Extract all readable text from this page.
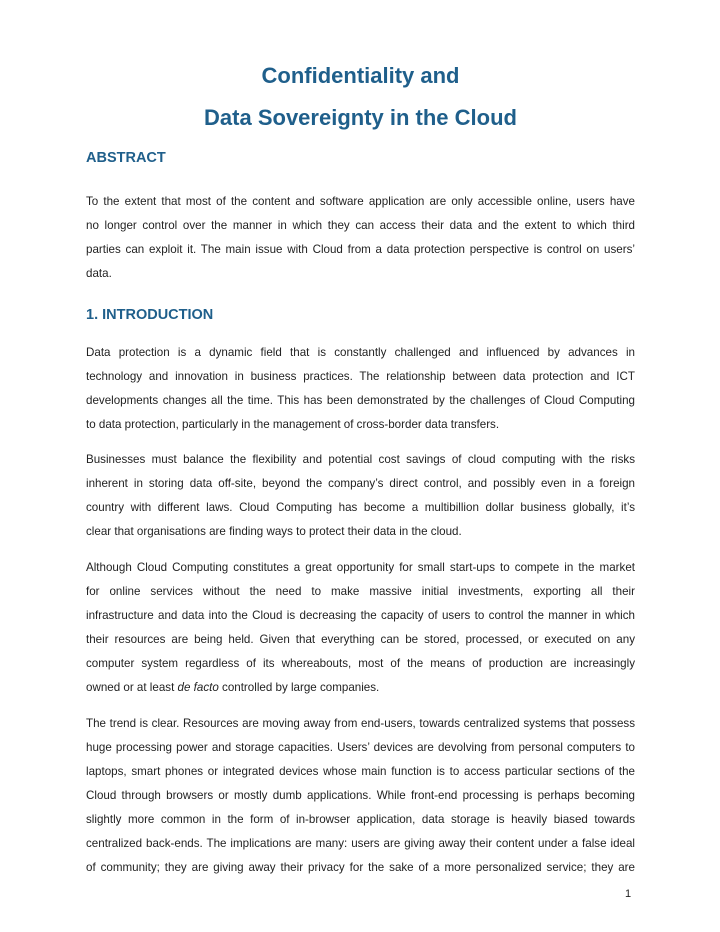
Confidentiality and
Data Sovereignty in the Cloud
ABSTRACT

To the extent that most of the content and software application are only accessible online, users have
no longer control over the manner in which they can access their data and the extent to which third
parties can exploit it. The main issue with Cloud from a data protection perspective is control on users’
data.

1. INTRODUCTION

Data protection is a dynamic field that is constantly challenged and influenced by advances in
technology and innovation in business practices. The relationship between data protection and ICT
developments changes all the time. This has been demonstrated by the challenges of Cloud Computing
to data protection, particularly in the management of cross-border data transfers.

Businesses must balance the flexibility and potential cost savings of cloud computing with the risks
inherent in storing data off-site, beyond the company’s direct control, and possibly even in a foreign
country with different laws. Cloud Computing has become a multibillion dollar business globally, it’s
clear that organisations are finding ways to protect their data in the cloud.

Although Cloud Computing constitutes a great opportunity for small start-ups to compete in the market
for online services without the need to make massive initial investments, exporting all their
infrastructure and data into the Cloud is decreasing the capacity of users to control the manner in which
their resources are being held. Given that everything can be stored, processed, or executed on any
computer system regardless of its whereabouts, most of the means of production are increasingly
owned or at least de facto controlled by large companies.

The trend is clear. Resources are moving away from end-users, towards centralized systems that possess
huge processing power and storage capacities. Users’ devices are devolving from personal computers to
laptops, smart phones or integrated devices whose main function is to access particular sections of the
Cloud through browsers or mostly dumb applications. While front-end processing is perhaps becoming
slightly more common in the form of in-browser application, data storage is heavily biased towards
centralized back-ends. The implications are many: users are giving away their content under a false ideal
of community; they are giving away their privacy for the sake of a more personalized service; they are

1
